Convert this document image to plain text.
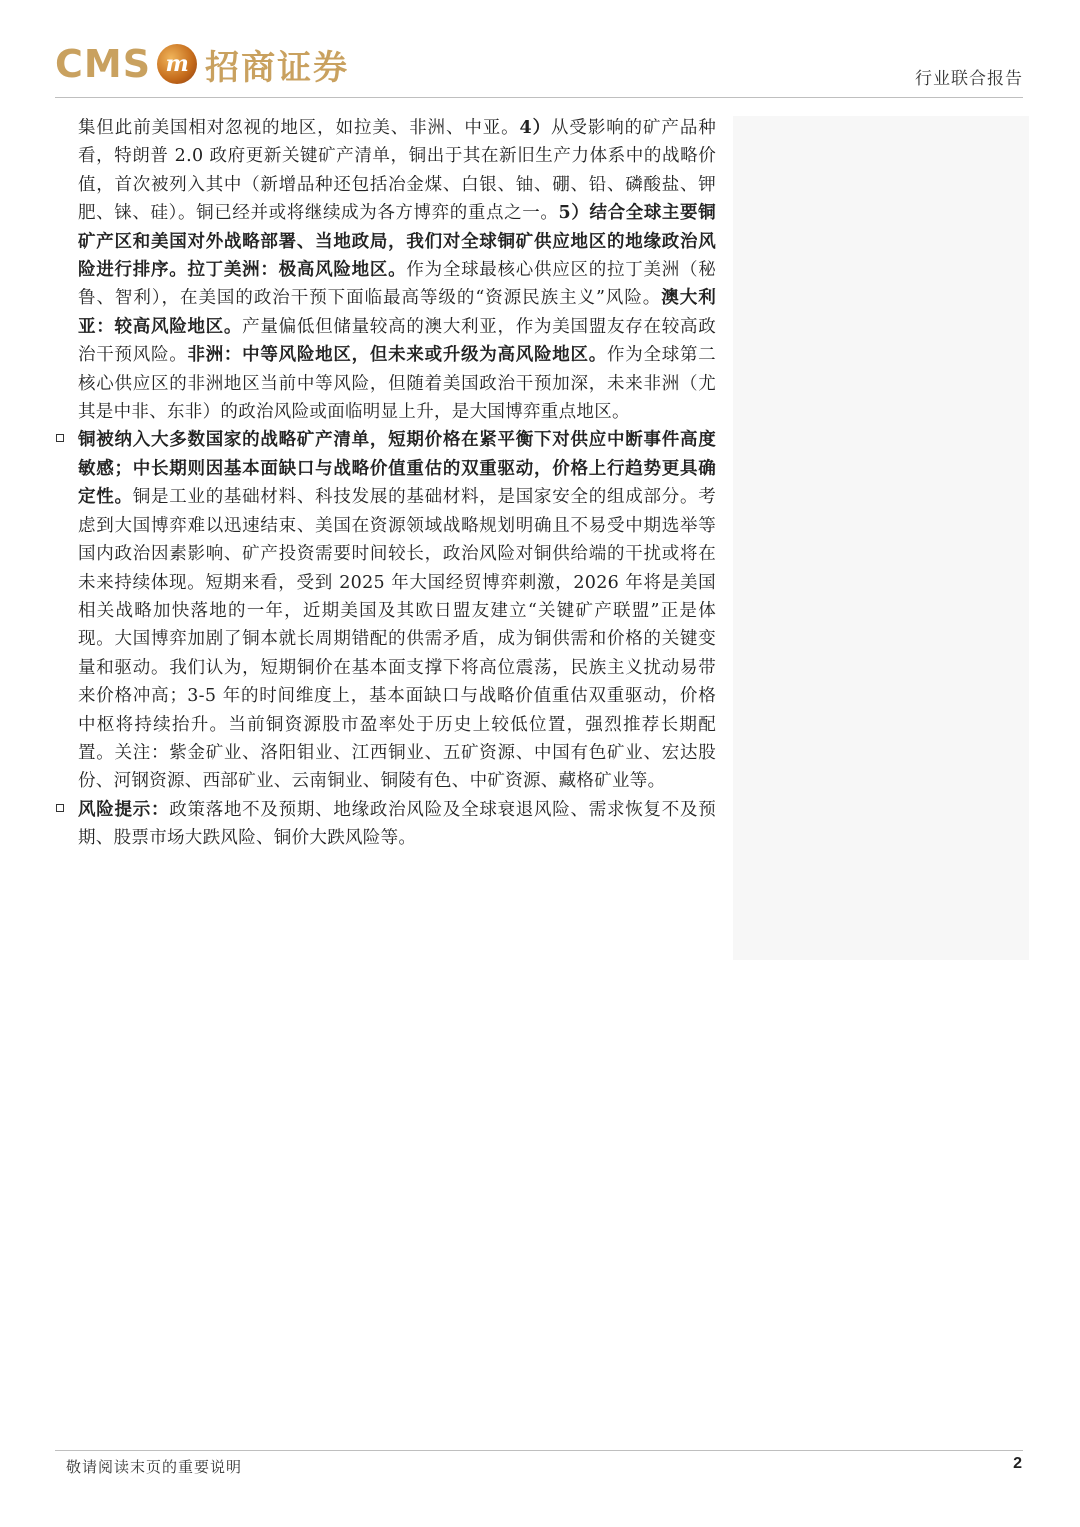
CMS m 招商证券	行业联合报告
集但此前美国相对忽视的地区，如拉美、非洲、中亚。4）从受影响的矿产品种看，特朗普 2.0 政府更新关键矿产清单，铜出于其在新旧生产力体系中的战略价值，首次被列入其中（新增品种还包括冶金煤、白银、铀、硼、铅、磷酸盐、钾肥、铼、硅）。铜已经并或将继续成为各方博弈的重点之一。5）结合全球主要铜矿产区和美国对外战略部署、当地政局，我们对全球铜矿供应地区的地缘政治风险进行排序。拉丁美洲：极高风险地区。作为全球最核心供应区的拉丁美洲（秘鲁、智利），在美国的政治干预下面临最高等级的“资源民族主义”风险。澳大利亚：较高风险地区。产量偏低但储量较高的澳大利亚，作为美国盟友存在较高政治干预风险。非洲：中等风险地区，但未来或升级为高风险地区。作为全球第二核心供应区的非洲地区当前中等风险，但随着美国政治干预加深，未来非洲（尤其是中非、东非）的政治风险或面临明显上升，是大国博弈重点地区。
铜被纳入大多数国家的战略矿产清单，短期价格在紧平衡下对供应中断事件高度敏感；中长期则因基本面缺口与战略价值重估的双重驱动，价格上行趋势更具确定性。铜是工业的基础材料、科技发展的基础材料，是国家安全的组成部分。考虑到大国博弈难以迅速结束、美国在资源领域战略规划明确且不易受中期选举等国内政治因素影响、矿产投资需要时间较长，政治风险对铜供给端的干扰或将在未来持续体现。短期来看，受到 2025 年大国经贸博弈刺激，2026 年将是美国相关战略加快落地的一年，近期美国及其欧日盟友建立“关键矿产联盟”正是体现。大国博弈加剧了铜本就长周期错配的供需矛盾，成为铜供需和价格的关键变量和驱动。我们认为，短期铜价在基本面支撑下将高位震荡，民族主义扰动易带来价格冲高；3-5 年的时间维度上，基本面缺口与战略价值重估双重驱动，价格中枢将持续抬升。当前铜资源股市盈率处于历史上较低位置，强烈推荐长期配置。关注：紫金矿业、洛阳钼业、江西铜业、五矿资源、中国有色矿业、宏达股份、河钢资源、西部矿业、云南铜业、铜陵有色、中矿资源、藏格矿业等。
风险提示：政策落地不及预期、地缘政治风险及全球衰退风险、需求恢复不及预期、股票市场大跌风险、铜价大跌风险等。
敬请阅读末页的重要说明	2
